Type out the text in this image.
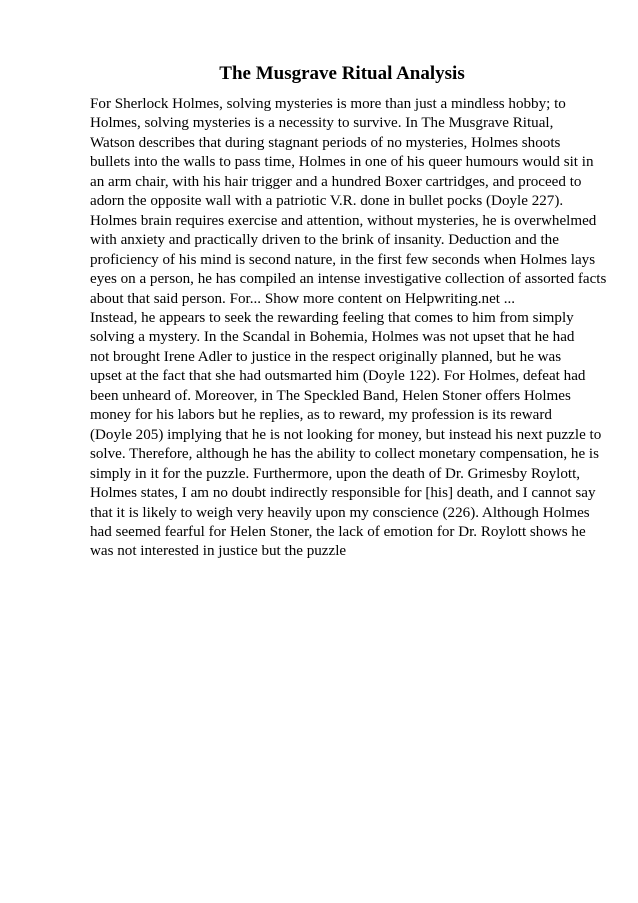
The Musgrave Ritual Analysis
For Sherlock Holmes, solving mysteries is more than just a mindless hobby; to
Holmes, solving mysteries is a necessity to survive. In The Musgrave Ritual,
Watson describes that during stagnant periods of no mysteries, Holmes shoots
bullets into the walls to pass time, Holmes in one of his queer humours would sit in
an arm chair, with his hair trigger and a hundred Boxer cartridges, and proceed to
adorn the opposite wall with a patriotic V.R. done in bullet pocks (Doyle 227).
Holmes brain requires exercise and attention, without mysteries, he is overwhelmed
with anxiety and practically driven to the brink of insanity. Deduction and the
proficiency of his mind is second nature, in the first few seconds when Holmes lays
eyes on a person, he has compiled an intense investigative collection of assorted facts
about that said person. For... Show more content on Helpwriting.net ...
Instead, he appears to seek the rewarding feeling that comes to him from simply
solving a mystery. In the Scandal in Bohemia, Holmes was not upset that he had
not brought Irene Adler to justice in the respect originally planned, but he was
upset at the fact that she had outsmarted him (Doyle 122). For Holmes, defeat had
been unheard of. Moreover, in The Speckled Band, Helen Stoner offers Holmes
money for his labors but he replies, as to reward, my profession is its reward
(Doyle 205) implying that he is not looking for money, but instead his next puzzle to
solve. Therefore, although he has the ability to collect monetary compensation, he is
simply in it for the puzzle. Furthermore, upon the death of Dr. Grimesby Roylott,
Holmes states, I am no doubt indirectly responsible for [his] death, and I cannot say
that it is likely to weigh very heavily upon my conscience (226). Although Holmes
had seemed fearful for Helen Stoner, the lack of emotion for Dr. Roylott shows he
was not interested in justice but the puzzle
